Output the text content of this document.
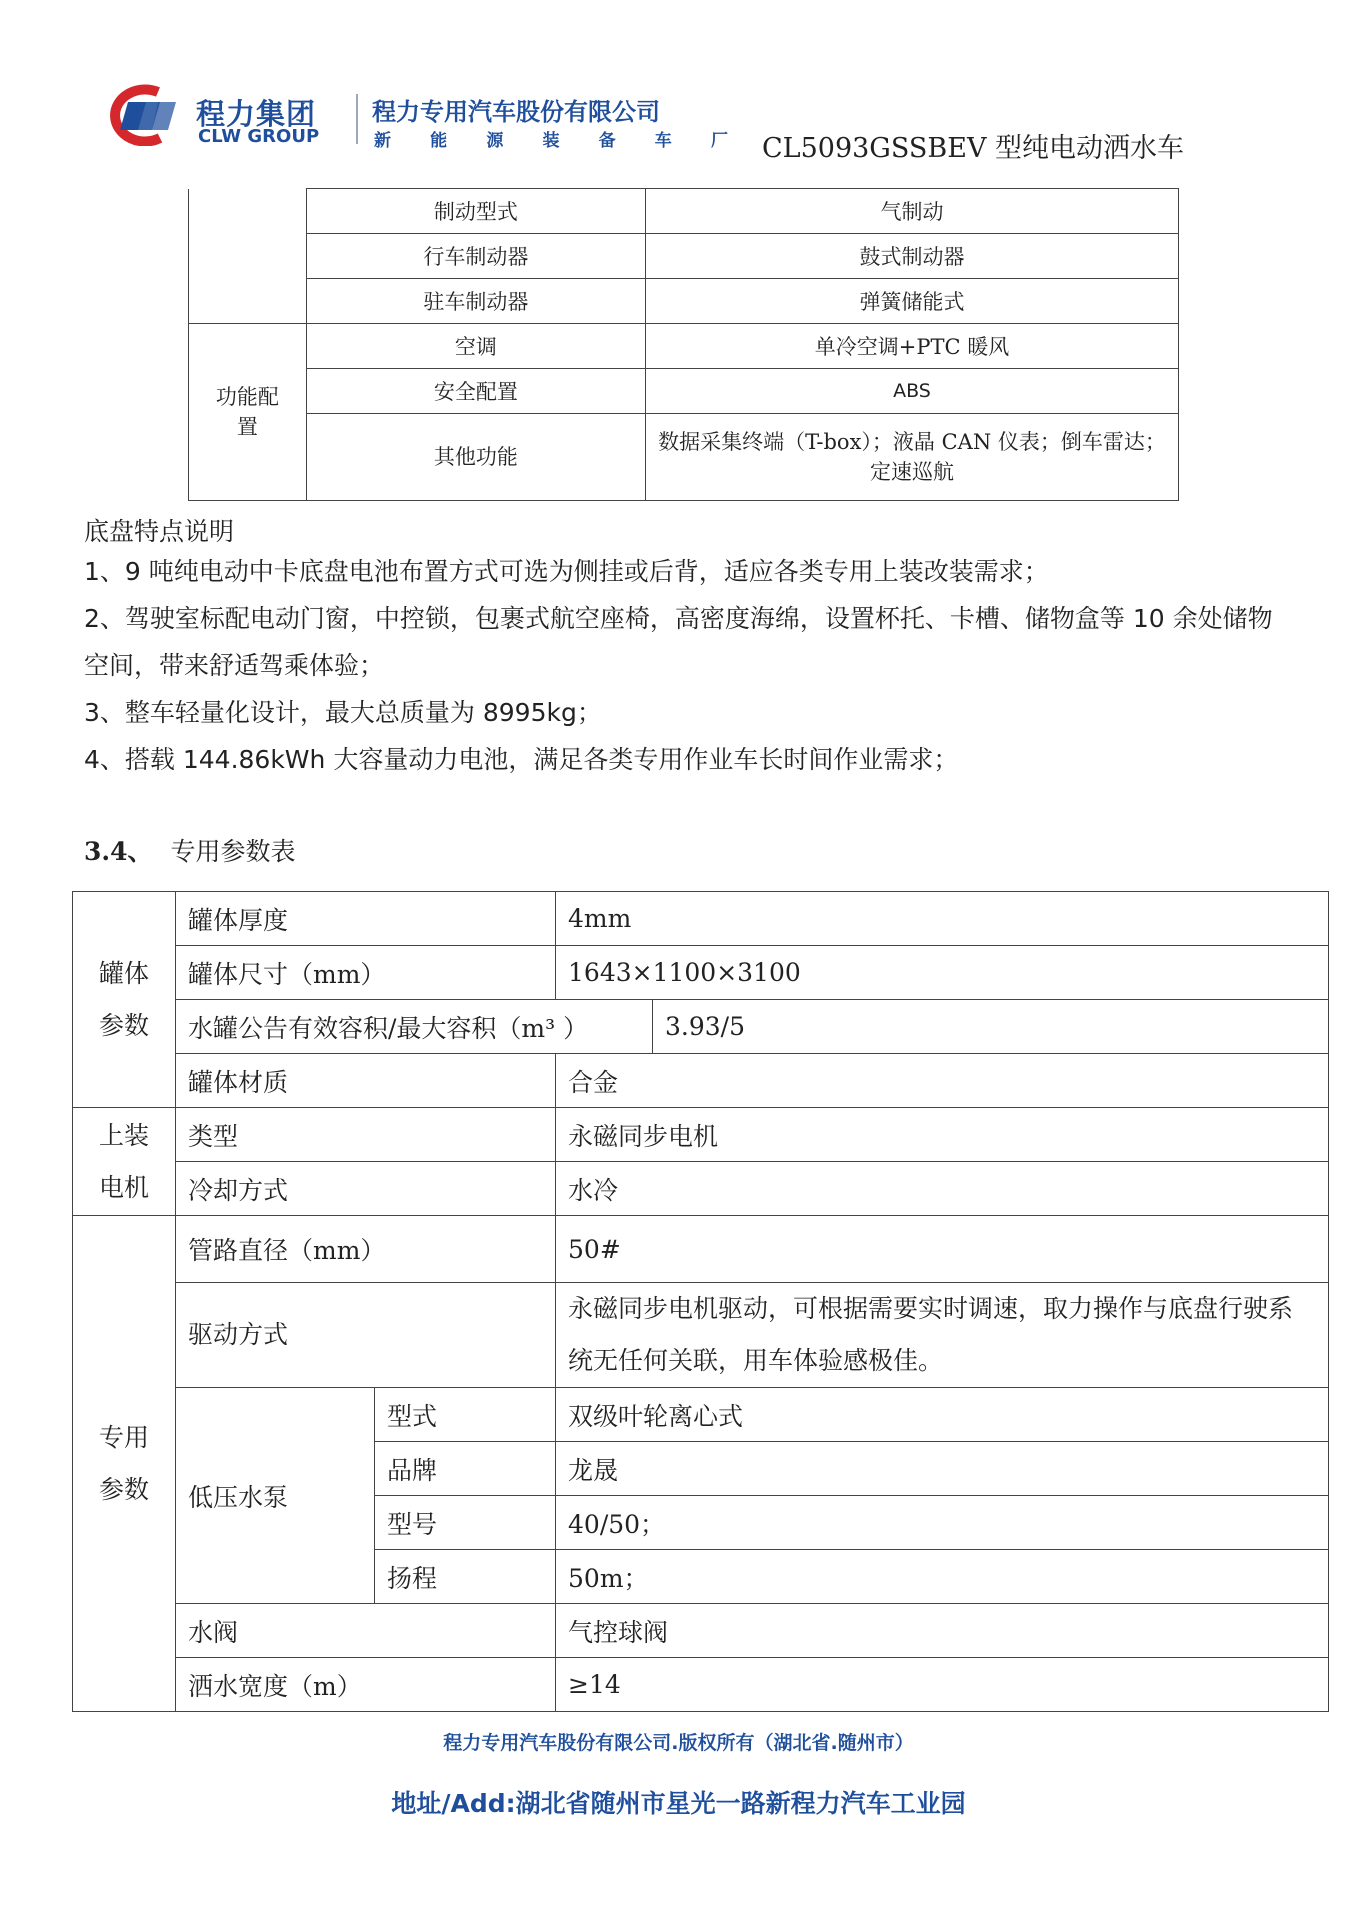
程力集团
CLW GROUP
程力专用汽车股份有限公司
新 能 源 装 备 车 厂 CL5093GSSBEV 型纯电动洒水车
	制动型式	气制动
	行车制动器	鼓式制动器
	驻车制动器	弹簧储能式

功能配置	空调	单冷空调+PTC 暖风
	安全配置	ABS
	其他功能	数据采集终端（T-box）；液晶 CAN 仪表；倒车雷达；定速巡航
底盘特点说明

1、9 吨纯电动中卡底盘电池布置方式可选为侧挂或后背，适应各类专用上装改装需求；

2、驾驶室标配电动门窗，中控锁，包裹式航空座椅，高密度海绵，设置杯托、卡槽、储物盒等 10 余处储物空间，带来舒适驾乘体验；

3、整车轻量化设计，最大总质量为 8995kg；

4、搭载 144.86kWh 大容量动力电池，满足各类专用作业车长时间作业需求；

3.4、 专用参数表
罐体参数	罐体厚度		4mm	
	罐体尺寸（mm）		1643×1100×3100	
	水罐公告有效容积/最大容积（m³ ）			3.93/5
	罐体材质		合金	

上装电机	类型		永磁同步电机	
	冷却方式		水冷	

专用参数	管路直径（mm）		50#	
	驱动方式		永磁同步电机驱动，可根据需要实时调速，取力操作与底盘行驶系统无任何关联，用车体验感极佳。	
	低压水泵	型式	双级叶轮离心式	
		品牌	龙晟	
		型号	40/50；	
		扬程	50m；	
	水阀		气控球阀	
	洒水宽度（m）		≥14	
程力专用汽车股份有限公司.版权所有（湖北省.随州市）
地址/Add:湖北省随州市星光一路新程力汽车工业园
